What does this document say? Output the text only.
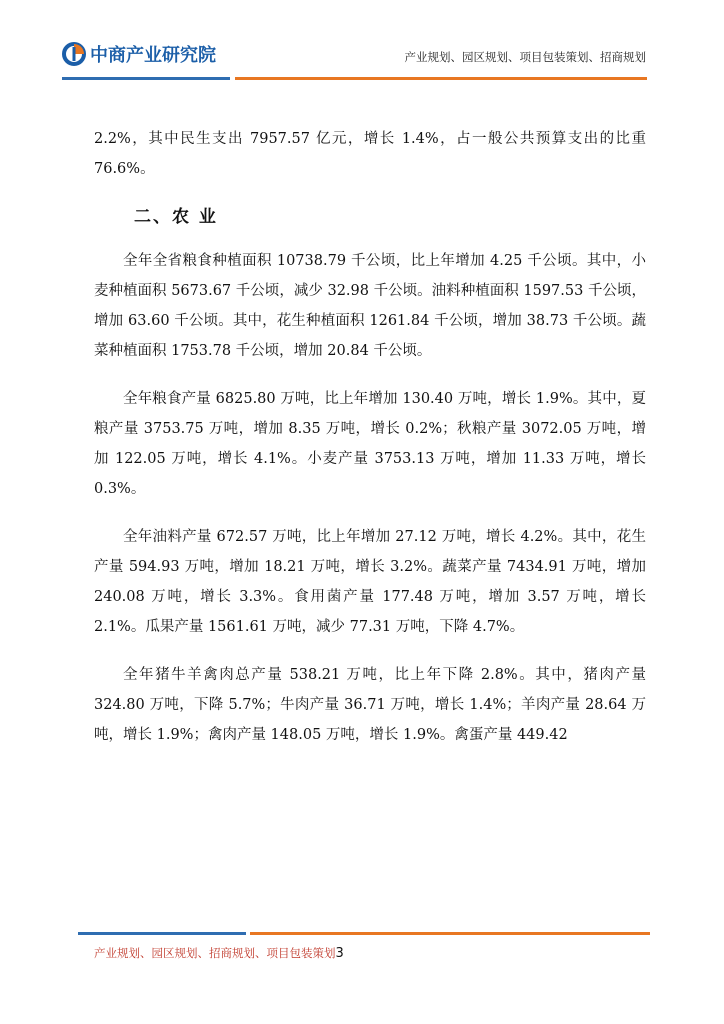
中商产业研究院	产业规划、园区规划、项目包装策划、招商规划

2.2%，其中民生支出 7957.57 亿元，增长 1.4%，占一般公共预算支出的比重 76.6%。

二、农 业

全年全省粮食种植面积 10738.79 千公顷，比上年增加 4.25 千公顷。其中，小麦种植面积 5673.67 千公顷，减少 32.98 千公顷。油料种植面积 1597.53 千公顷，增加 63.60 千公顷。其中，花生种植面积 1261.84 千公顷，增加 38.73 千公顷。蔬菜种植面积 1753.78 千公顷，增加 20.84 千公顷。

全年粮食产量 6825.80 万吨，比上年增加 130.40 万吨，增长 1.9%。其中，夏粮产量 3753.75 万吨，增加 8.35 万吨，增长 0.2%；秋粮产量 3072.05 万吨，增加 122.05 万吨，增长 4.1%。小麦产量 3753.13 万吨，增加 11.33 万吨，增长 0.3%。

全年油料产量 672.57 万吨，比上年增加 27.12 万吨，增长 4.2%。其中，花生产量 594.93 万吨，增加 18.21 万吨，增长 3.2%。蔬菜产量 7434.91 万吨，增加 240.08 万吨，增长 3.3%。食用菌产量 177.48 万吨，增加 3.57 万吨，增长 2.1%。瓜果产量 1561.61 万吨，减少 77.31 万吨，下降 4.7%。

全年猪牛羊禽肉总产量 538.21 万吨，比上年下降 2.8%。其中，猪肉产量 324.80 万吨，下降 5.7%；牛肉产量 36.71 万吨，增长 1.4%；羊肉产量 28.64 万吨，增长 1.9%；禽肉产量 148.05 万吨，增长 1.9%。禽蛋产量 449.42

产业规划、园区规划、招商规划、项目包装策划3
